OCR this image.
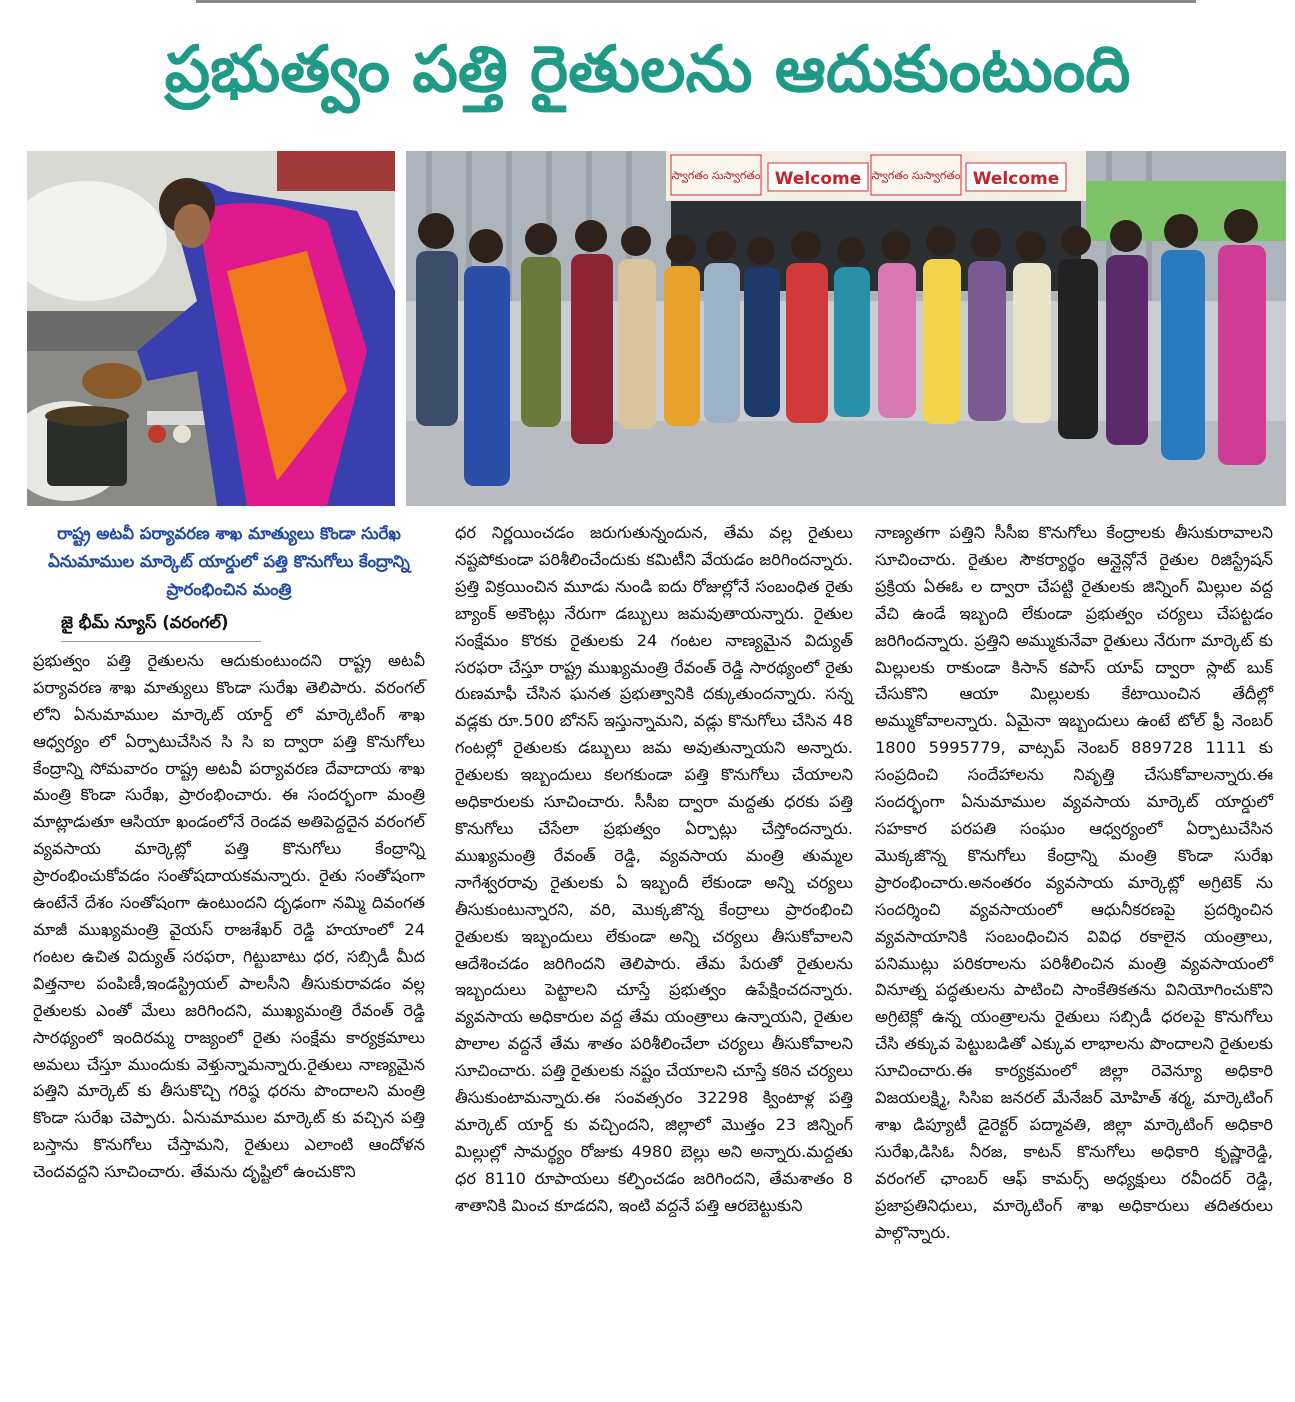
ప్రభుత్వం పత్తి రైతులను ఆదుకుంటుంది
స్వాగతం సుస్వాగతం Welcome స్వాగతం సుస్వాగతం Welcome
రాష్ట్ర అటవీ పర్యావరణ శాఖ మాత్యులు కొండా సురేఖ
ఏనుమాముల మార్కెట్ యార్డులో పత్తి కొనుగోలు కేంద్రాన్ని ప్రారంభించిన మంత్రి
జై భీమ్ న్యూస్ (వరంగల్)

ప్రభుత్వం పత్తి రైతులను ఆదుకుంటుందని రాష్ట్ర అటవీ పర్యావరణ శాఖ మాత్యులు కొండా సురేఖ తెలిపారు. వరంగల్ లోని ఏనుమాముల మార్కెట్ యార్డ్ లో మార్కెటింగ్ శాఖ ఆధ్వర్యం లో ఏర్పాటుచేసిన సి సి ఐ ద్వారా పత్తి కొనుగోలు కేంద్రాన్ని సోమవారం రాష్ట్ర అటవీ పర్యావరణ దేవాదాయ శాఖ మంత్రి కొండా సురేఖ, ప్రారంభించారు. ఈ సందర్భంగా మంత్రి మాట్లాడుతూ ఆసియా ఖండంలోనే రెండవ అతిపెద్దదైన వరంగల్ వ్యవసాయ మార్కెట్లో పత్తి కొనుగోలు కేంద్రాన్ని ప్రారంభించుకోవడం సంతోషదాయకమన్నారు. రైతు సంతోషంగా ఉంటేనే దేశం సంతోషంగా ఉంటుందని దృఢంగా నమ్మి దివంగత మాజీ ముఖ్యమంత్రి వైయస్ రాజశేఖర్ రెడ్డి హయాంలో 24 గంటల ఉచిత విద్యుత్ సరఫరా, గిట్టుబాటు ధర, సబ్సిడీ మీద విత్తనాల పంపిణీ,ఇండస్ట్రియల్ పాలసీని తీసుకురావడం వల్ల రైతులకు ఎంతో మేలు జరిగిందని, ముఖ్యమంత్రి రేవంత్ రెడ్డి సారథ్యంలో ఇందిరమ్మ రాజ్యంలో రైతు సంక్షేమ కార్యక్రమాలు అమలు చేస్తూ ముందుకు వెళ్తున్నామన్నారు.రైతులు నాణ్యమైన పత్తిని మార్కెట్ కు తీసుకొచ్చి గరిష్ఠ ధరను పొందాలని మంత్రి కొండా సురేఖ చెప్పారు. ఏనుమాముల మార్కెట్ కు వచ్చిన పత్తి బస్తాను కొనుగోలు చేస్తామని, రైతులు ఎలాంటి ఆందోళన చెందవద్దని సూచించారు. తేమను దృష్టిలో ఉంచుకొని

ధర నిర్ణయించడం జరుగుతున్నందున, తేమ వల్ల రైతులు నష్టపోకుండా పరిశీలించేందుకు కమిటీని వేయడం జరిగిందన్నారు. ప్రత్తి విక్రయించిన మూడు నుండి ఐదు రోజుల్లోనే సంబంధిత రైతు బ్యాంక్ అకౌంట్లు నేరుగా డబ్బులు జమవుతాయన్నారు. రైతుల సంక్షేమం కొరకు రైతులకు 24 గంటల నాణ్యమైన విద్యుత్ సరఫరా చేస్తూ రాష్ట్ర ముఖ్యమంత్రి రేవంత్ రెడ్డి సారథ్యంలో రైతు రుణమాఫీ చేసిన ఘనత ప్రభుత్వానికి దక్కుతుందన్నారు. సన్న వడ్లకు రూ.500 బోనస్ ఇస్తున్నామని, వడ్లు కొనుగోలు చేసిన 48 గంటల్లో రైతులకు డబ్బులు జమ అవుతున్నాయని అన్నారు. రైతులకు ఇబ్బందులు కలగకుండా పత్తి కొనుగోలు చేయాలని అధికారులకు సూచించారు. సీసీఐ ద్వారా మద్దతు ధరకు పత్తి కొనుగోలు చేసేలా ప్రభుత్వం ఏర్పాట్లు చేస్తోందన్నారు. ముఖ్యమంత్రి రేవంత్ రెడ్డి, వ్యవసాయ మంత్రి తుమ్మల నాగేశ్వరరావు రైతులకు ఏ ఇబ్బందీ లేకుండా అన్ని చర్యలు తీసుకుంటున్నారని, వరి, మొక్కజొన్న కేంద్రాలు ప్రారంభించి రైతులకు ఇబ్బందులు లేకుండా అన్ని చర్యలు తీసుకోవాలని ఆదేశించడం జరిగిందని తెలిపారు. తేమ పేరుతో రైతులను ఇబ్బందులు పెట్టాలని చూస్తే ప్రభుత్వం ఉపేక్షించదన్నారు. వ్యవసాయ అధికారుల వద్ద తేమ యంత్రాలు ఉన్నాయని, రైతుల పొలాల వద్దనే తేమ శాతం పరిశీలించేలా చర్యలు తీసుకోవాలని సూచించారు. పత్తి రైతులకు నష్టం చేయాలని చూస్తే కఠిన చర్యలు తీసుకుంటామన్నారు.ఈ సంవత్సరం 32298 క్వింటాళ్ల పత్తి మార్కెట్ యార్డ్ కు వచ్చిందని, జిల్లాలో మొత్తం 23 జిన్నింగ్ మిల్లుల్లో సామర్థ్యం రోజుకు 4980 బెల్లు అని అన్నారు.మద్దతు ధర 8110 రూపాయలు కల్పించడం జరిగిందని, తేమశాతం 8 శాతానికి మించ కూడదని, ఇంటి వద్దనే పత్తి ఆరబెట్టుకుని

నాణ్యతగా పత్తిని సీసీఐ కొనుగోలు కేంద్రాలకు తీసుకురావాలని సూచించారు. రైతుల సౌకర్యార్థం ఆన్లైన్లోనే రైతుల రిజిస్ట్రేషన్ ప్రక్రియ ఏఈఓ ల ద్వారా చేపట్టి రైతులకు జిన్నింగ్ మిల్లుల వద్ద వేచి ఉండే ఇబ్బంది లేకుండా ప్రభుత్వం చర్యలు చేపట్టడం జరిగిందన్నారు. ప్రత్తిని అమ్ముకునేవా రైతులు నేరుగా మార్కెట్ కు మిల్లులకు రాకుండా కిసాన్ కపాస్ యాప్ ద్వారా స్లాట్ బుక్ చేసుకొని ఆయా మిల్లులకు కేటాయించిన తేదీల్లో అమ్ముకోవాలన్నారు. ఏమైనా ఇబ్బందులు ఉంటే టోల్ ఫ్రీ నెంబర్ 1800 5995779, వాట్సప్ నెంబర్ 889728 1111 కు సంప్రదించి సందేహాలను నివృత్తి చేసుకోవాలన్నారు.ఈ సందర్భంగా ఏనుమాముల వ్యవసాయ మార్కెట్ యార్డులో సహకార పరపతి సంఘం ఆధ్వర్యంలో ఏర్పాటుచేసిన మొక్కజొన్న కొనుగోలు కేంద్రాన్ని మంత్రి కొండా సురేఖ ప్రారంభించారు.అనంతరం వ్యవసాయ మార్కెట్లో అగ్రిటెక్ ను సందర్శించి వ్యవసాయంలో ఆధునీకరణపై ప్రదర్శించిన వ్యవసాయానికి సంబంధించిన వివిధ రకాలైన యంత్రాలు, పనిముట్లు పరికరాలను పరిశీలించిన మంత్రి వ్యవసాయంలో వినూత్న పద్ధతులను పాటించి సాంకేతికతను వినియోగించుకొని అగ్రిటెక్లో ఉన్న యంత్రాలను రైతులు సబ్సిడీ ధరలపై కొనుగోలు చేసి తక్కువ పెట్టుబడితో ఎక్కువ లాభాలను పొందాలని రైతులకు సూచించారు.ఈ కార్యక్రమంలో జిల్లా రెవెన్యూ అధికారి విజయలక్ష్మి, సిసిఐ జనరల్ మేనేజర్ మోహిత్ శర్మ, మార్కెటింగ్ శాఖ డిప్యూటీ డైరెక్టర్ పద్మావతి, జిల్లా మార్కెటింగ్ అధికారి సురేఖ,డిసిఓ నీరజ, కాటన్ కొనుగోలు అధికారి కృష్ణారెడ్డి, వరంగల్ ఛాంబర్ ఆఫ్ కామర్స్ అధ్యక్షులు రవీందర్ రెడ్డి, ప్రజాప్రతినిధులు, మార్కెటింగ్ శాఖ అధికారులు తదితరులు పాల్గొన్నారు.
